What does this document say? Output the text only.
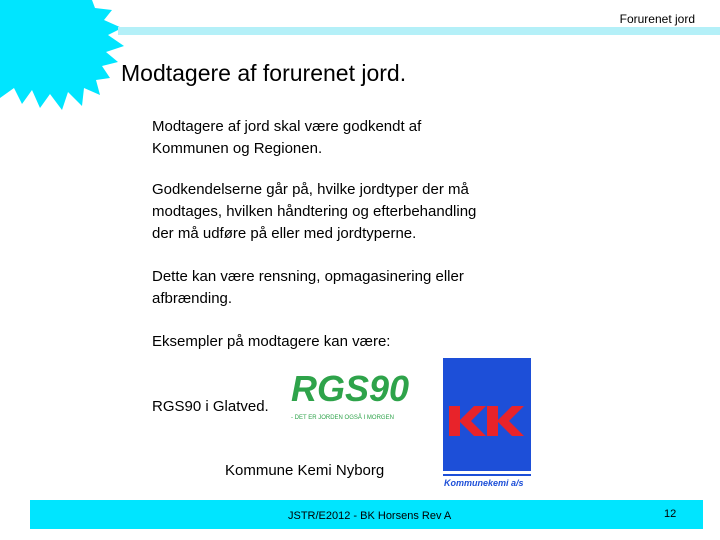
Forurenet jord
Modtagere af forurenet jord.
Modtagere af jord skal være godkendt af
Kommunen og Regionen.
Godkendelserne går på, hvilke jordtyper der må
modtages, hvilken håndtering og efterbehandling
der må udføre på eller med jordtyperne.
Dette kan være rensning, opmagasinering eller
afbrænding.
Eksempler på modtagere kan være:
RGS90 i Glatved.
Kommune Kemi Nyborg
RGS90
- DET ER JORDEN OGSÅ I MORGEN
Kommunekemi a/s
JSTR/E2012 - BK Horsens Rev A	12
